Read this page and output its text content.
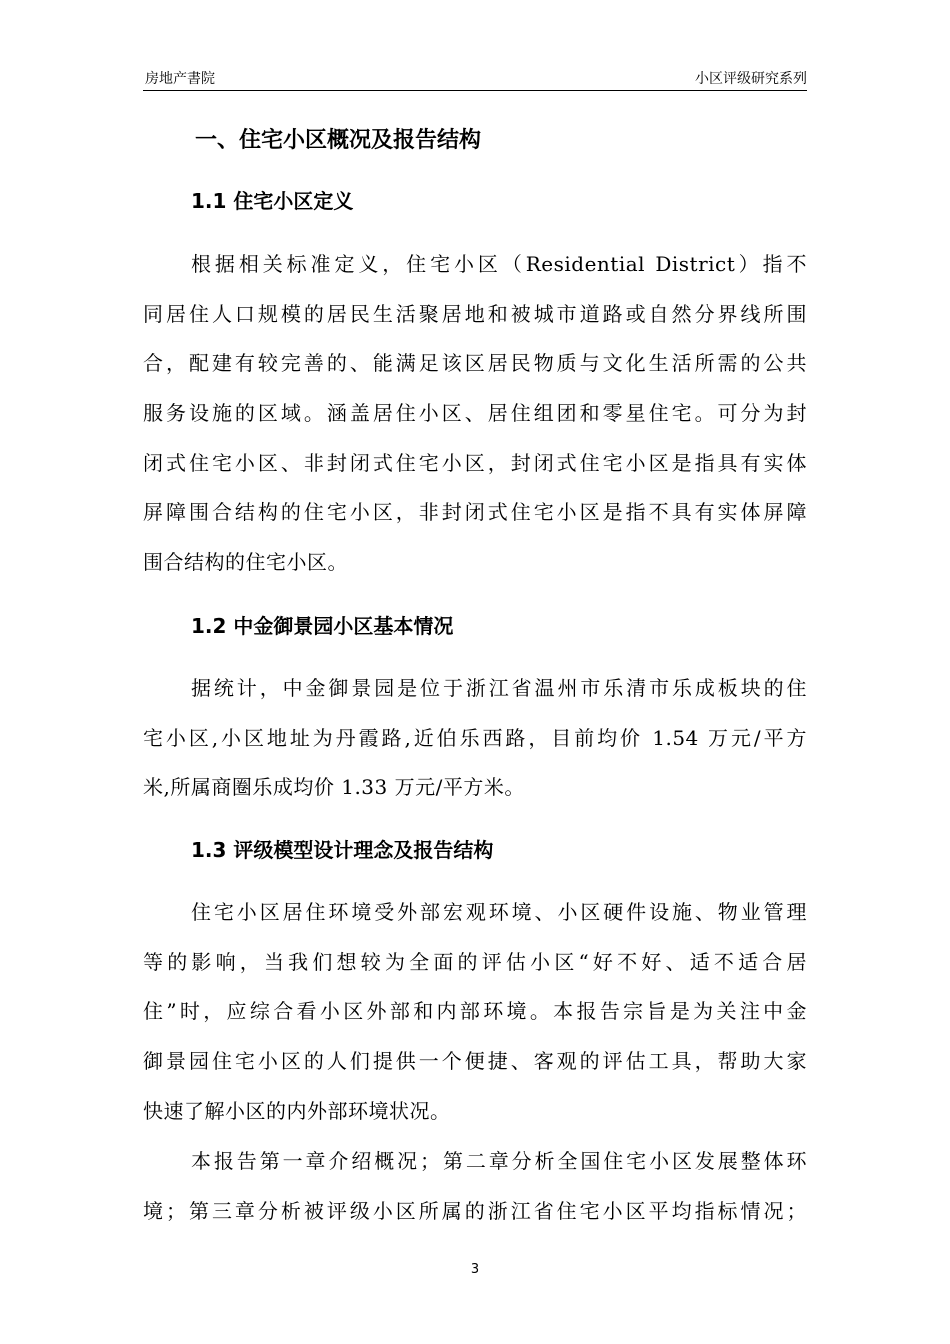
房地产書院	小区评级研究系列
一、住宅小区概况及报告结构
1.1 住宅小区定义
根据相关标准定义，住宅小区（Residential District）指不
同居住人口规模的居民生活聚居地和被城市道路或自然分界线所围
合，配建有较完善的、能满足该区居民物质与文化生活所需的公共
服务设施的区域。涵盖居住小区、居住组团和零星住宅。可分为封
闭式住宅小区、非封闭式住宅小区，封闭式住宅小区是指具有实体
屏障围合结构的住宅小区，非封闭式住宅小区是指不具有实体屏障
围合结构的住宅小区。
1.2 中金御景园小区基本情况
据统计，中金御景园是位于浙江省温州市乐清市乐成板块的住
宅小区,小区地址为丹霞路,近伯乐西路，目前均价 1.54 万元/平方
米,所属商圈乐成均价 1.33 万元/平方米。
1.3 评级模型设计理念及报告结构
住宅小区居住环境受外部宏观环境、小区硬件设施、物业管理
等的影响，当我们想较为全面的评估小区“好不好、适不适合居
住”时，应综合看小区外部和内部环境。本报告宗旨是为关注中金
御景园住宅小区的人们提供一个便捷、客观的评估工具，帮助大家
快速了解小区的内外部环境状况。
本报告第一章介绍概况；第二章分析全国住宅小区发展整体环
境；第三章分析被评级小区所属的浙江省住宅小区平均指标情况；
3
